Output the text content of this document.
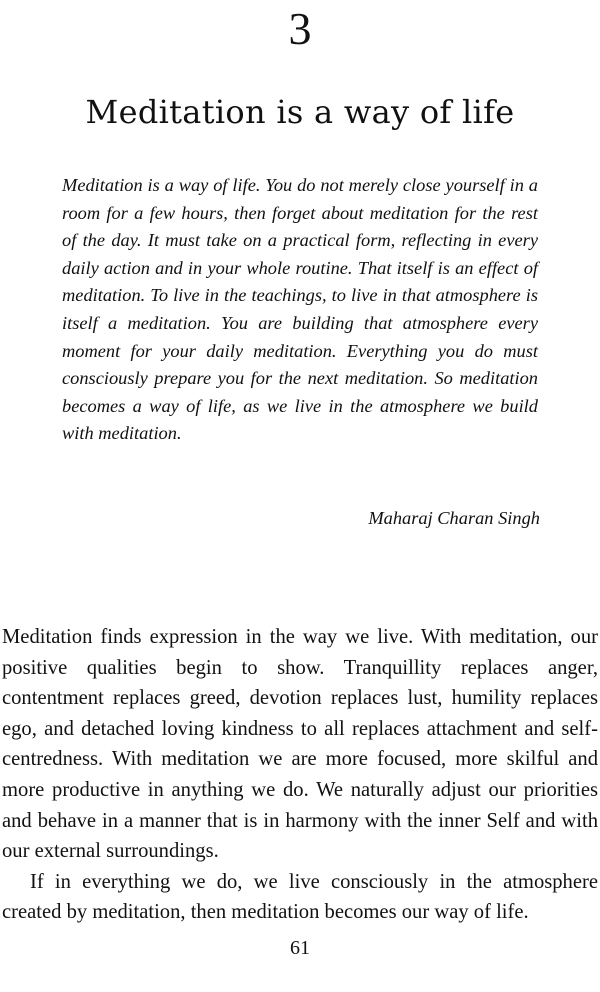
3
Meditation is a way of life

Meditation is a way of life. You do not merely close yourself in a room for a few hours, then forget about meditation for the rest of the day. It must take on a practical form, reflecting in every daily action and in your whole routine. That itself is an effect of meditation. To live in the teachings, to live in that atmosphere is itself a meditation. You are building that atmosphere every moment for your daily meditation. Everything you do must consciously prepare you for the next meditation. So meditation becomes a way of life, as we live in the atmosphere we build with meditation.

Maharaj Charan Singh

Meditation finds expression in the way we live. With meditation, our positive qualities begin to show. Tranquillity replaces anger, contentment replaces greed, devotion replaces lust, humility replaces ego, and detached loving kindness to all replaces attachment and self-centredness. With meditation we are more focused, more skilful and more productive in anything we do. We naturally adjust our priorities and behave in a manner that is in harmony with the inner Self and with our external surroundings.

If in everything we do, we live consciously in the atmosphere created by meditation, then meditation becomes our way of life.

61
